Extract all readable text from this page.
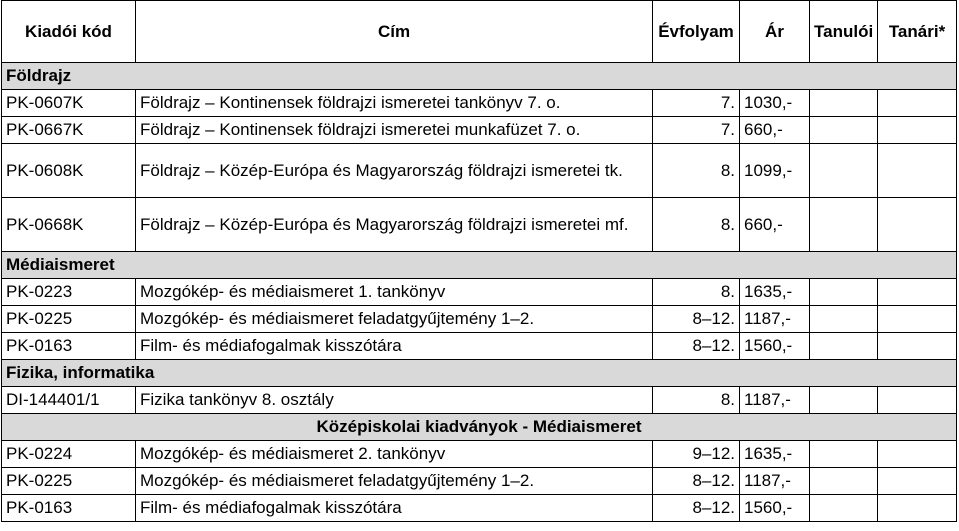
Kiadói kód	Cím	Évfolyam	Ár	Tanulói	Tanári*
Földrajz					
PK-0607K	Földrajz – Kontinensek földrajzi ismeretei tankönyv 7. o.	7.	1030,-		
PK-0667K	Földrajz – Kontinensek földrajzi ismeretei munkafüzet 7. o.	7.	660,-		
PK-0608K	Földrajz – Közép-Európa és Magyarország földrajzi ismeretei tk.	8.	1099,-		
PK-0668K	Földrajz – Közép-Európa és Magyarország földrajzi ismeretei mf.	8.	660,-		
Médiaismeret					
PK-0223	Mozgókép- és médiaismeret 1. tankönyv	8.	1635,-		
PK-0225	Mozgókép- és médiaismeret feladatgyűjtemény 1–2.	8–12.	1187,-		
PK-0163	Film- és médiafogalmak kisszótára	8–12.	1560,-		
Fizika, informatika					
DI-144401/1	Fizika tankönyv 8. osztály	8.	1187,-		
Középiskolai kiadványok - Médiaismeret					
PK-0224	Mozgókép- és médiaismeret 2. tankönyv	9–12.	1635,-		
PK-0225	Mozgókép- és médiaismeret feladatgyűjtemény 1–2.	8–12.	1187,-		
PK-0163	Film- és médiafogalmak kisszótára	8–12.	1560,-		
